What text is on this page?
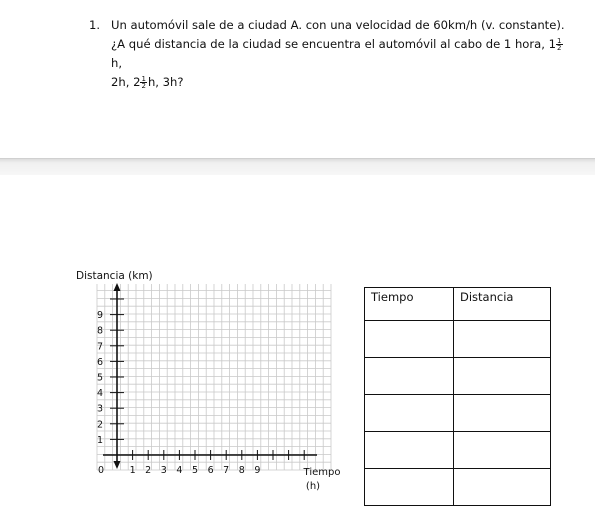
1. Un automóvil sale de a ciudad A. con una velocidad de 60km/h (v. constante).
¿A qué distancia de la ciudad se encuentra el automóvil al cabo de 1 hora, $1 \frac{1}{2}$
h,
2h, $2 \frac{1}{2} h$, 3h?
Distancia (km)
1 2 3 4 5 6 7 8 9
1
2
3
4
5
6
7
8
9
0	Tiempo
(h)
Tiempo	Distancia
